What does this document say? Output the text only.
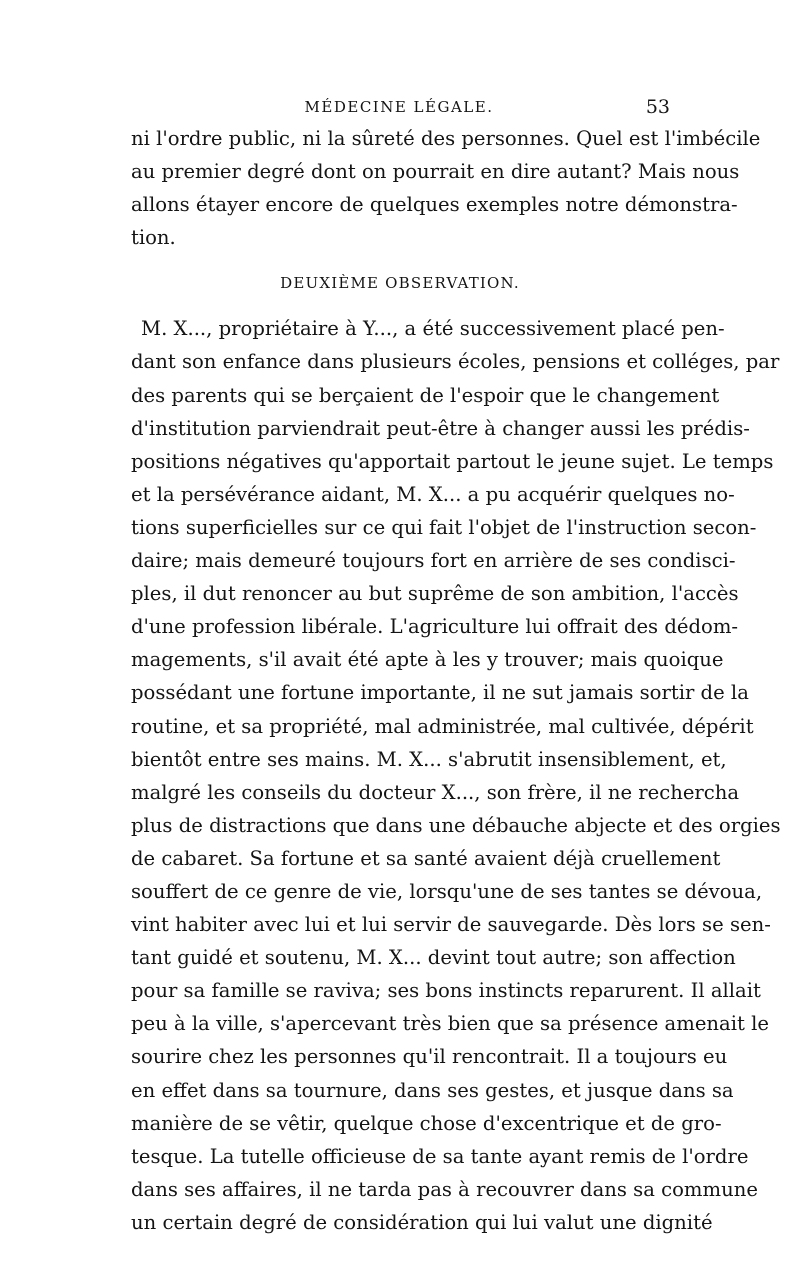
MÉDECINE LÉGALE.	53
ni l'ordre public, ni la sûreté des personnes. Quel est l'imbécile
au premier degré dont on pourrait en dire autant? Mais nous
allons étayer encore de quelques exemples notre démonstra-
tion.
DEUXIÈME OBSERVATION.
M. X..., propriétaire à Y..., a été successivement placé pen-
dant son enfance dans plusieurs écoles, pensions et colléges, par
des parents qui se berçaient de l'espoir que le changement
d'institution parviendrait peut-être à changer aussi les prédis-
positions négatives qu'apportait partout le jeune sujet. Le temps
et la persévérance aidant, M. X... a pu acquérir quelques no-
tions superficielles sur ce qui fait l'objet de l'instruction secon-
daire; mais demeuré toujours fort en arrière de ses condisci-
ples, il dut renoncer au but suprême de son ambition, l'accès
d'une profession libérale. L'agriculture lui offrait des dédom-
magements, s'il avait été apte à les y trouver; mais quoique
possédant une fortune importante, il ne sut jamais sortir de la
routine, et sa propriété, mal administrée, mal cultivée, dépérit
bientôt entre ses mains. M. X... s'abrutit insensiblement, et,
malgré les conseils du docteur X..., son frère, il ne rechercha
plus de distractions que dans une débauche abjecte et des orgies
de cabaret. Sa fortune et sa santé avaient déjà cruellement
souffert de ce genre de vie, lorsqu'une de ses tantes se dévoua,
vint habiter avec lui et lui servir de sauvegarde. Dès lors se sen-
tant guidé et soutenu, M. X... devint tout autre; son affection
pour sa famille se raviva; ses bons instincts reparurent. Il allait
peu à la ville, s'apercevant très bien que sa présence amenait le
sourire chez les personnes qu'il rencontrait. Il a toujours eu
en effet dans sa tournure, dans ses gestes, et jusque dans sa
manière de se vêtir, quelque chose d'excentrique et de gro-
tesque. La tutelle officieuse de sa tante ayant remis de l'ordre
dans ses affaires, il ne tarda pas à recouvrer dans sa commune
un certain degré de considération qui lui valut une dignité
